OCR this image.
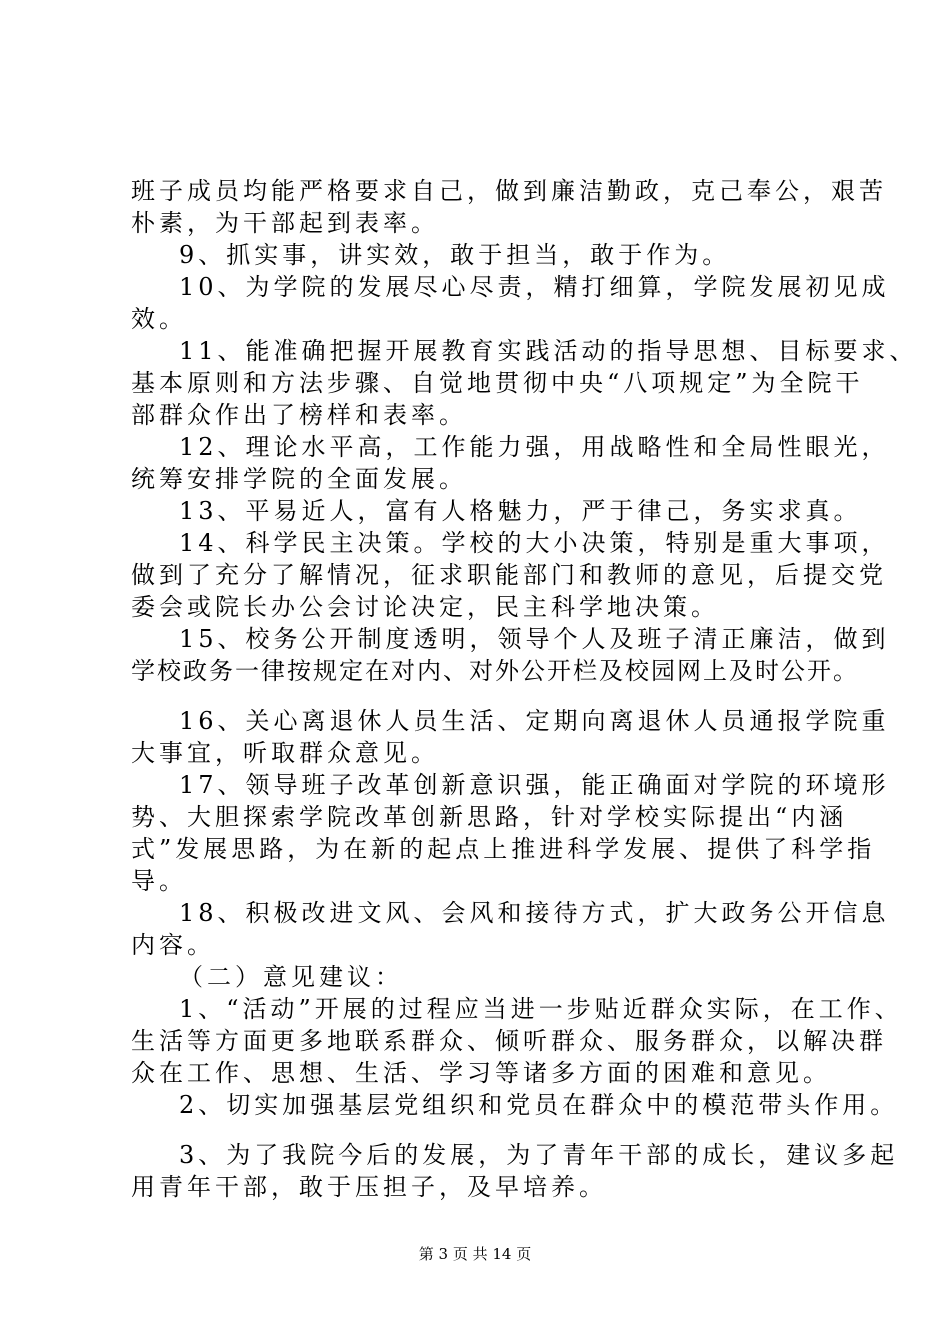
班子成员均能严格要求自己，做到廉洁勤政，克己奉公，艰苦
朴素，为干部起到表率。
9、抓实事，讲实效，敢于担当，敢于作为。
10、为学院的发展尽心尽责，精打细算，学院发展初见成
效。
11、能准确把握开展教育实践活动的指导思想、目标要求、
基本原则和方法步骤、自觉地贯彻中央“八项规定”为全院干
部群众作出了榜样和表率。
12、理论水平高，工作能力强，用战略性和全局性眼光，
统筹安排学院的全面发展。
13、平易近人，富有人格魅力，严于律己，务实求真。
14、科学民主决策。学校的大小决策，特别是重大事项，
做到了充分了解情况，征求职能部门和教师的意见，后提交党
委会或院长办公会讨论决定，民主科学地决策。
15、校务公开制度透明，领导个人及班子清正廉洁，做到
学校政务一律按规定在对内、对外公开栏及校园网上及时公开。
16、关心离退休人员生活、定期向离退休人员通报学院重
大事宜，听取群众意见。
17、领导班子改革创新意识强，能正确面对学院的环境形
势、大胆探索学院改革创新思路，针对学校实际提出“内涵
式”发展思路，为在新的起点上推进科学发展、提供了科学指
导。
18、积极改进文风、会风和接待方式，扩大政务公开信息
内容。
（二）意见建议：
1、“活动”开展的过程应当进一步贴近群众实际，在工作、
生活等方面更多地联系群众、倾听群众、服务群众，以解决群
众在工作、思想、生活、学习等诸多方面的困难和意见。
2、切实加强基层党组织和党员在群众中的模范带头作用。
3、为了我院今后的发展，为了青年干部的成长，建议多起
用青年干部，敢于压担子，及早培养。
第 3 页 共 14 页
